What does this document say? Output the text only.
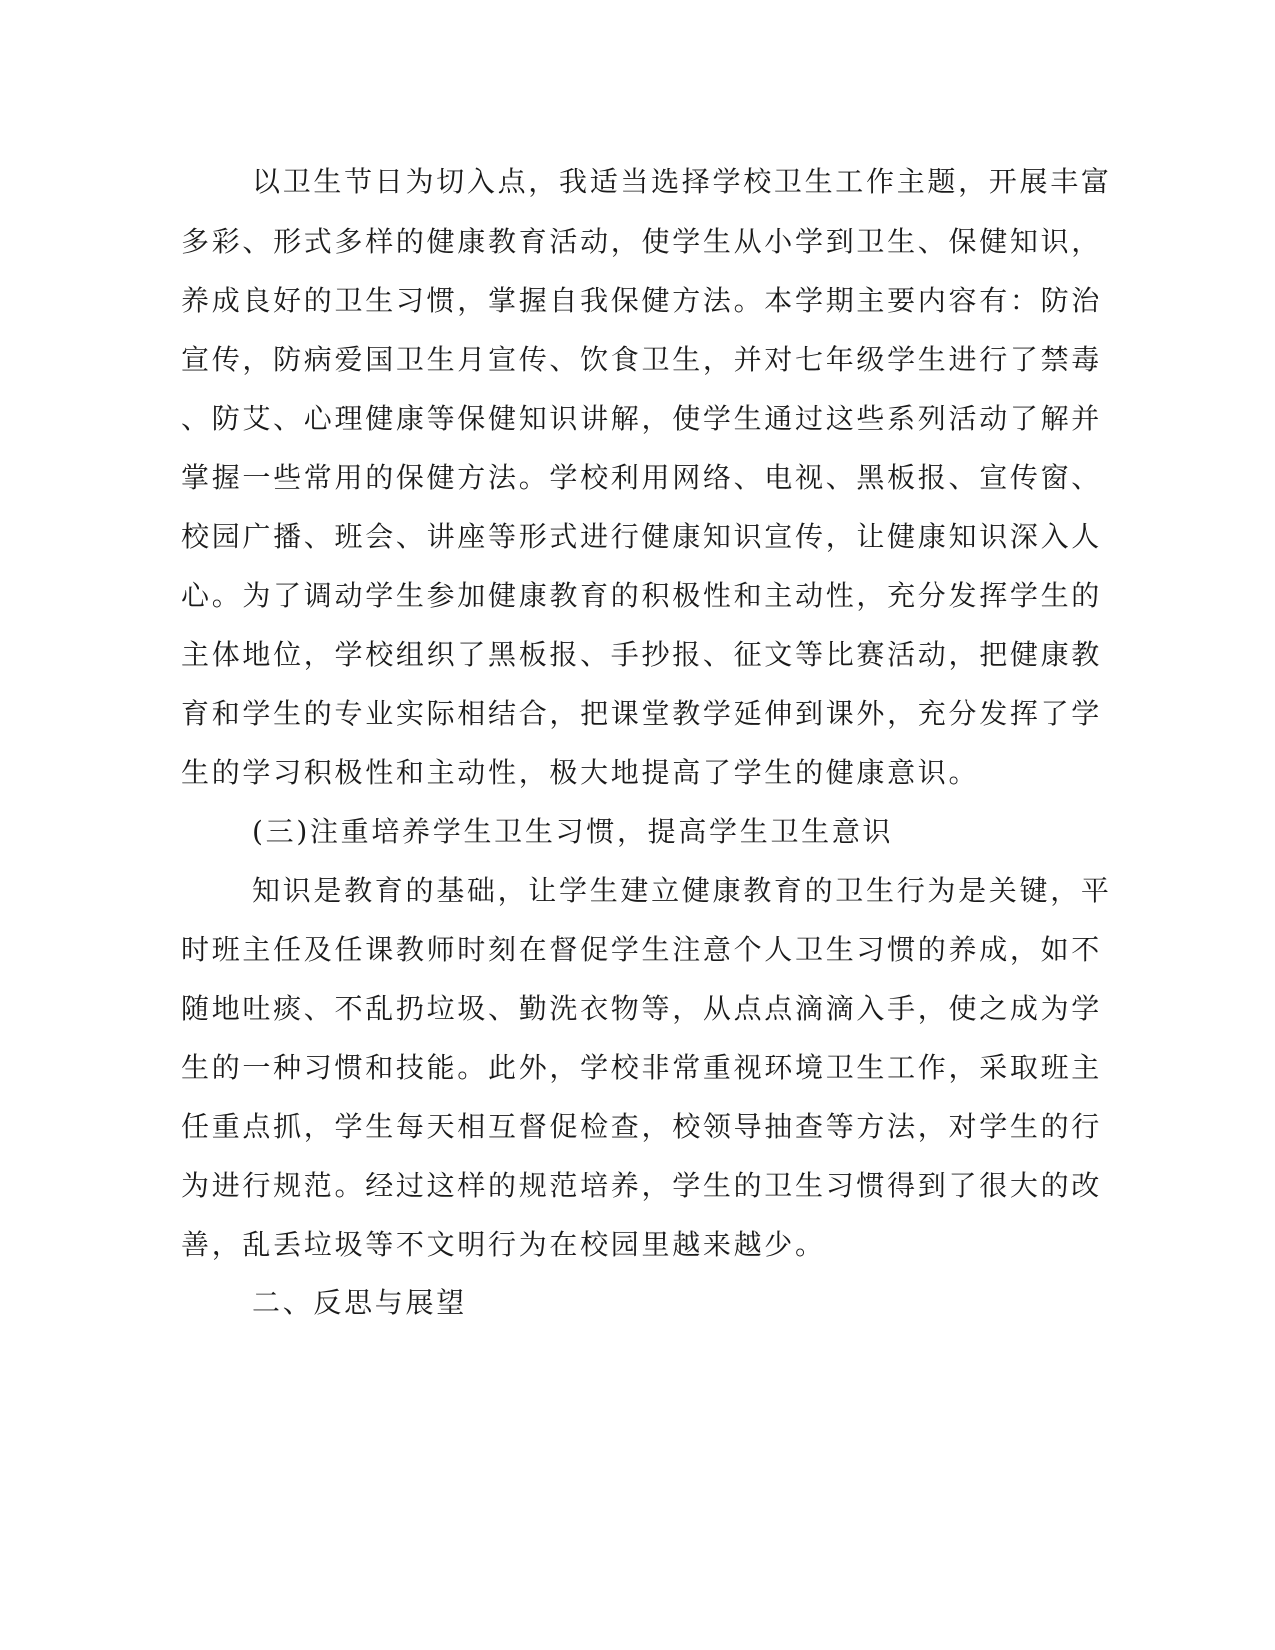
以卫生节日为切入点，我适当选择学校卫生工作主题，开展丰富
多彩、形式多样的健康教育活动，使学生从小学到卫生、保健知识，
养成良好的卫生习惯，掌握自我保健方法。本学期主要内容有：防治
宣传，防病爱国卫生月宣传、饮食卫生，并对七年级学生进行了禁毒
、防艾、心理健康等保健知识讲解，使学生通过这些系列活动了解并
掌握一些常用的保健方法。学校利用网络、电视、黑板报、宣传窗、
校园广播、班会、讲座等形式进行健康知识宣传，让健康知识深入人
心。为了调动学生参加健康教育的积极性和主动性，充分发挥学生的
主体地位，学校组织了黑板报、手抄报、征文等比赛活动，把健康教
育和学生的专业实际相结合，把课堂教学延伸到课外，充分发挥了学
生的学习积极性和主动性，极大地提高了学生的健康意识。
(三)注重培养学生卫生习惯，提高学生卫生意识
知识是教育的基础，让学生建立健康教育的卫生行为是关键，平
时班主任及任课教师时刻在督促学生注意个人卫生习惯的养成，如不
随地吐痰、不乱扔垃圾、勤洗衣物等，从点点滴滴入手，使之成为学
生的一种习惯和技能。此外，学校非常重视环境卫生工作，采取班主
任重点抓，学生每天相互督促检查，校领导抽查等方法，对学生的行
为进行规范。经过这样的规范培养，学生的卫生习惯得到了很大的改
善，乱丢垃圾等不文明行为在校园里越来越少。
二、反思与展望
